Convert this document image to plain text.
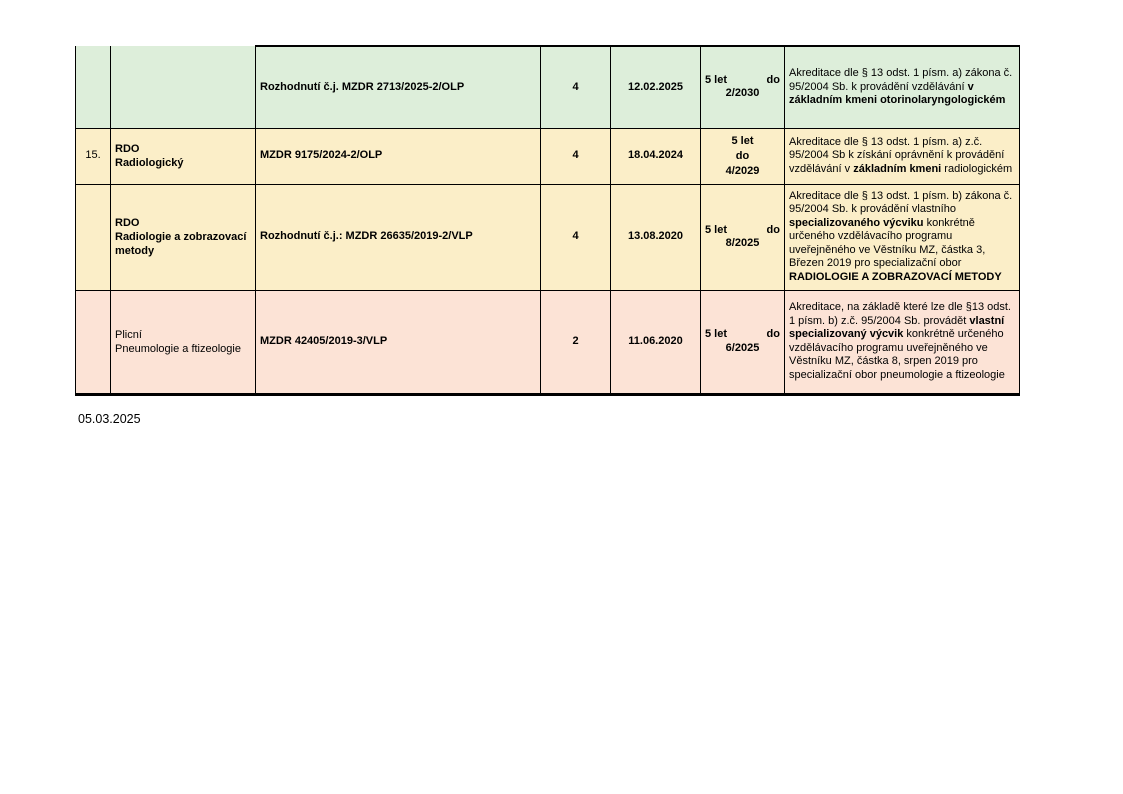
	Rozhodnutí č.j. MZDR 2713/2025-2/OLP	4	12.02.2025	5 let do
2/2030	Akreditace dle § 13 odst. 1 písm. a) zákona č. 95/2004 Sb. k provádění vzdělávání v základním kmeni otorinolaryngologickém
15.	RDO
Radiologický	MZDR 9175/2024-2/OLP	4	18.04.2024	5 let
do
4/2029	Akreditace dle § 13 odst. 1 písm. a) z.č. 95/2004 Sb k získání oprávnění k provádění vzdělávání v základním kmeni radiologickém

RDO
Radiologie a zobrazovací metody
	Rozhodnutí č.j.: MZDR 26635/2019-2/VLP	4	13.08.2020	
5 let	do
8/2025
	Akreditace dle § 13 odst. 1 písm. b) zákona č. 95/2004 Sb. k provádění vlastního specializovaného výcviku konkrétně určeného vzdělávacího programu uveřejněného ve Věstníku MZ, částka 3, Březen 2019 pro specializační obor RADIOLOGIE A ZOBRAZOVACÍ METODY

Plicní
Pneumologie a ftizeologie
	MZDR 42405/2019-3/VLP	2	11.06.2020	
5 let	do
6/2025
	Akreditace, na základě které lze dle §13 odst. 1 písm. b) z.č. 95/2004 Sb. provádět vlastní specializovaný výcvik konkrétně určeného vzdělávacího programu uveřejněného ve Věstníku MZ, částka 8, srpen 2019 pro specializační obor pneumologie a ftizeologie
05.03.2025
